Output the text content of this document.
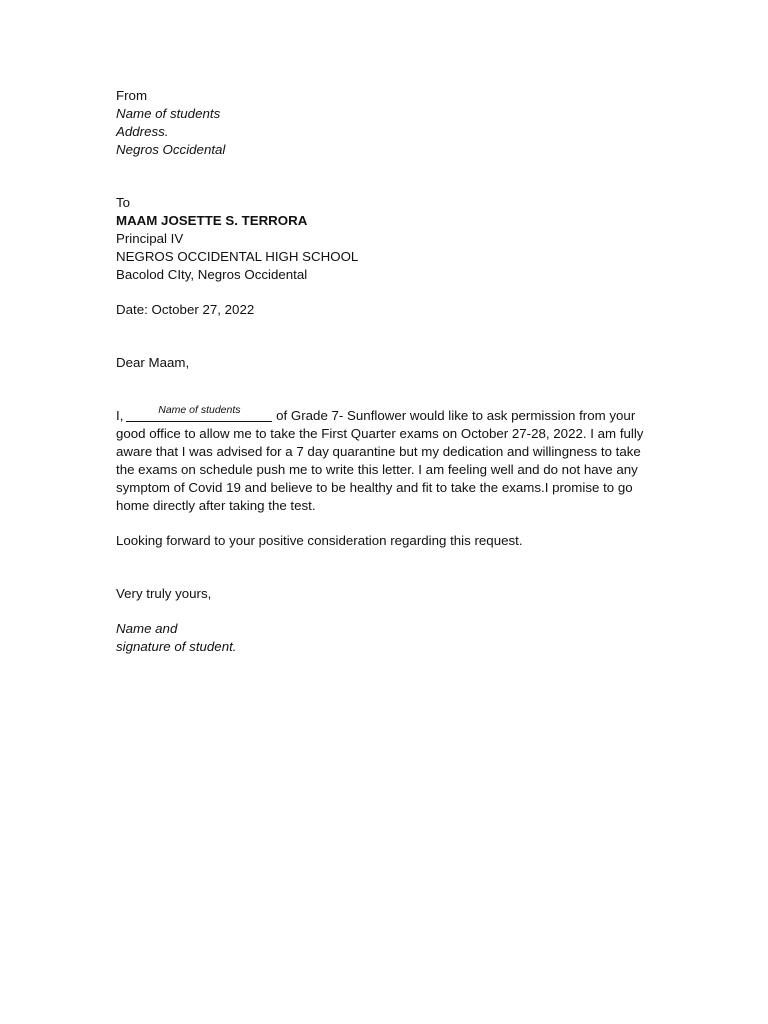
From
Name of students
Address.
Negros Occidental
To
MAAM JOSETTE S. TERRORA
Principal IV
NEGROS OCCIDENTAL HIGH SCHOOL
Bacolod CIty, Negros Occidental
Date: October 27, 2022
Dear Maam,

I,	Name of students	of Grade 7- Sunflower would like to ask permission from your good office to allow me to take the First Quarter exams on October 27-28, 2022. I am fully aware that I was advised for a 7 day quarantine but my dedication and willingness to take the exams on schedule push me to write this letter. I am feeling well and do not have any symptom of Covid 19 and believe to be healthy and fit to take the exams.I promise to go home directly after taking the test.

Looking forward to your positive consideration regarding this request.

Very truly yours,
Name and
signature of student.
